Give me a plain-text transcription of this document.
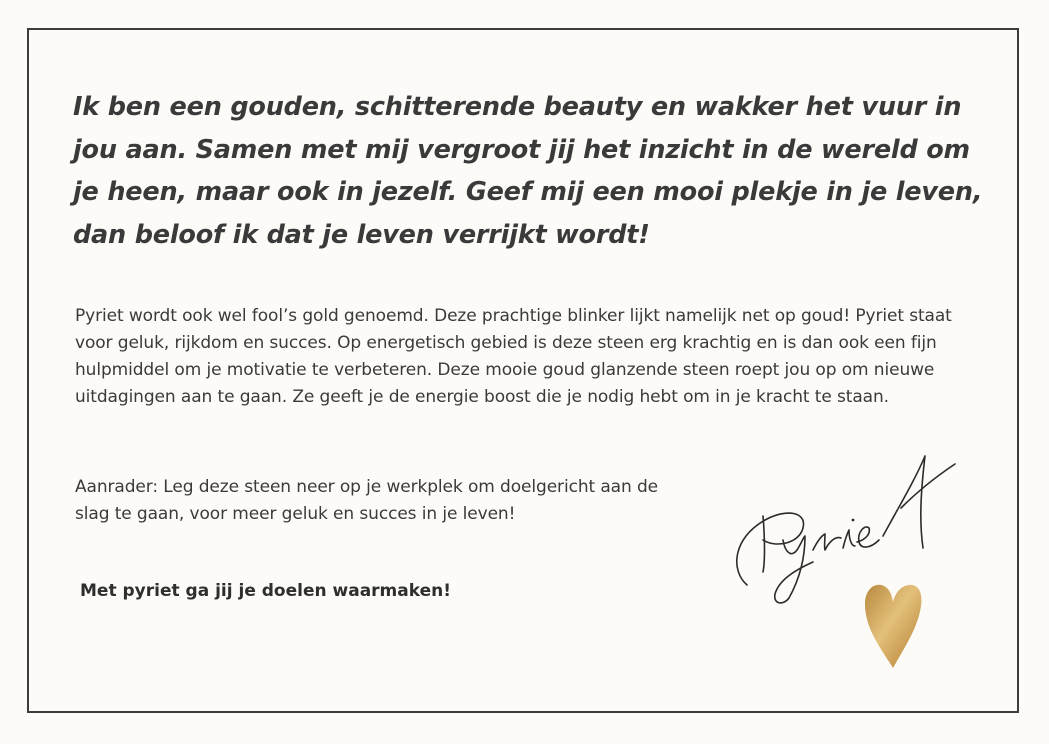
Ik ben een gouden, schitterende beauty en wakker het vuur in jou aan. Samen met mij vergroot jij het inzicht in de wereld om je heen, maar ook in jezelf. Geef mij een mooi plekje in je leven, dan beloof ik dat je leven verrijkt wordt!

Pyriet wordt ook wel fool’s gold genoemd. Deze prachtige blinker lijkt namelijk net op goud! Pyriet staat voor geluk, rijkdom en succes. Op energetisch gebied is deze steen erg krachtig en is dan ook een fijn hulpmiddel om je motivatie te verbeteren. Deze mooie goud glanzende steen roept jou op om nieuwe uitdagingen aan te gaan. Ze geeft je de energie boost die je nodig hebt om in je kracht te staan.

Aanrader: Leg deze steen neer op je werkplek om doelgericht aan de slag te gaan, voor meer geluk en succes in je leven!

Met pyriet ga jij je doelen waarmaken!
